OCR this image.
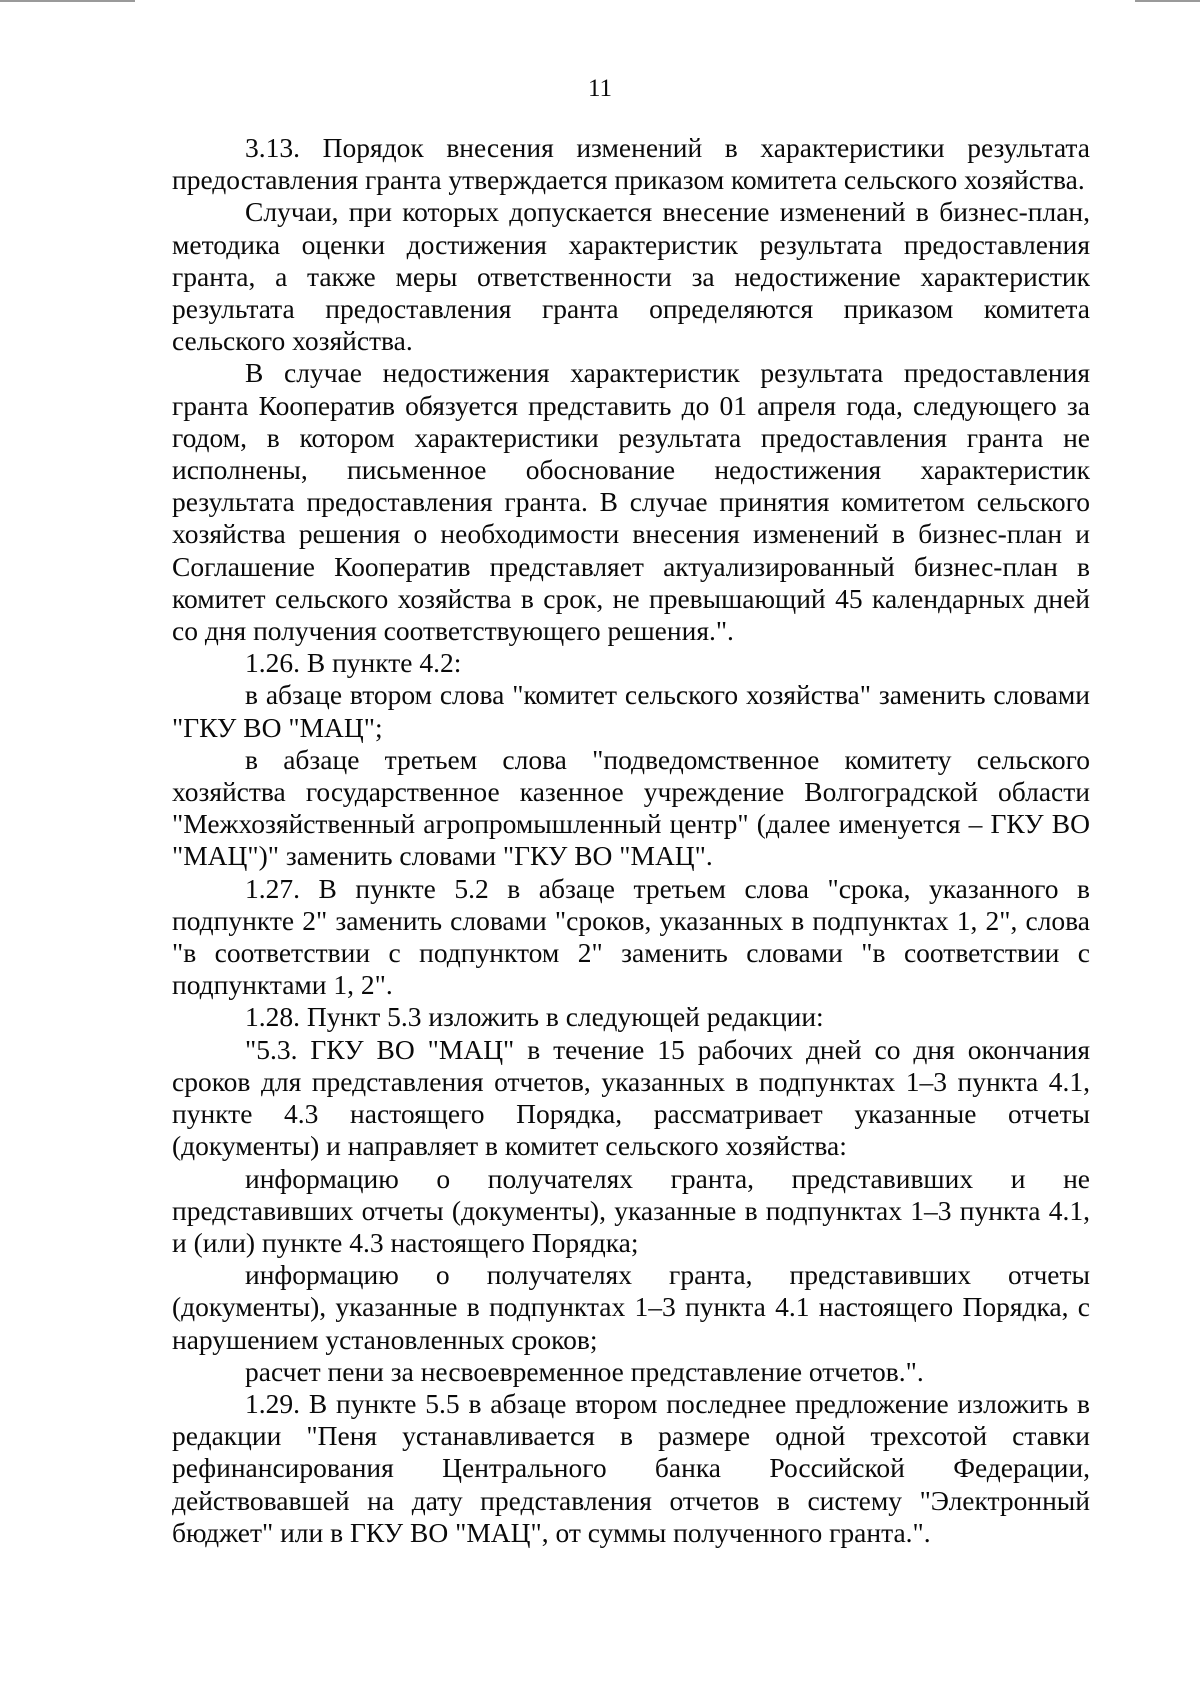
11

3.13. Порядок внесения изменений в характеристики результата предоставления гранта утверждается приказом комитета сельского хозяйства.

Случаи, при которых допускается внесение изменений в бизнес-план, методика оценки достижения характеристик результата предоставления гранта, а также меры ответственности за недостижение характеристик результата предоставления гранта определяются приказом комитета сельского хозяйства.

В случае недостижения характеристик результата предоставления гранта Кооператив обязуется представить до 01 апреля года, следующего за годом, в котором характеристики результата предоставления гранта не исполнены, письменное обоснование недостижения характеристик результата предоставления гранта. В случае принятия комитетом сельского хозяйства решения о необходимости внесения изменений в бизнес-план и Соглашение Кооператив представляет актуализированный бизнес-план в комитет сельского хозяйства в срок, не превышающий 45 календарных дней со дня получения соответствующего решения.".

1.26. В пункте 4.2:

в абзаце втором слова "комитет сельского хозяйства" заменить словами "ГКУ ВО "МАЦ";

в абзаце третьем слова "подведомственное комитету сельского хозяйства государственное казенное учреждение Волгоградской области "Межхозяйственный агропромышленный центр" (далее именуется – ГКУ ВО "МАЦ")" заменить словами "ГКУ ВО "МАЦ".

1.27. В пункте 5.2 в абзаце третьем слова "срока, указанного в подпункте 2" заменить словами "сроков, указанных в подпунктах 1, 2", слова "в соответствии с подпунктом 2" заменить словами "в соответствии с подпунктами 1, 2".

1.28. Пункт 5.3 изложить в следующей редакции:

"5.3. ГКУ ВО "МАЦ" в течение 15 рабочих дней со дня окончания сроков для представления отчетов, указанных в подпунктах 1–3 пункта 4.1, пункте 4.3 настоящего Порядка, рассматривает указанные отчеты (документы) и направляет в комитет сельского хозяйства:

информацию о получателях гранта, представивших и не представивших отчеты (документы), указанные в подпунктах 1–3 пункта 4.1, и (или) пункте 4.3 настоящего Порядка;

информацию о получателях гранта, представивших отчеты (документы), указанные в подпунктах 1–3 пункта 4.1 настоящего Порядка, с нарушением установленных сроков;

расчет пени за несвоевременное представление отчетов.".

1.29. В пункте 5.5 в абзаце втором последнее предложение изложить в редакции "Пеня устанавливается в размере одной трехсотой ставки рефинансирования Центрального банка Российской Федерации, действовавшей на дату представления отчетов в систему "Электронный бюджет" или в ГКУ ВО "МАЦ", от суммы полученного гранта.".
